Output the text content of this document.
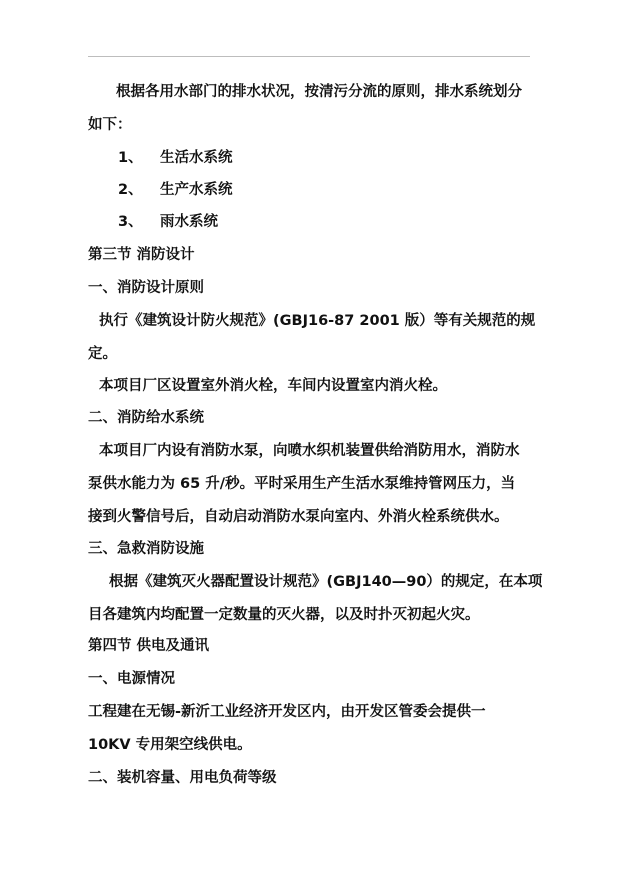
根据各用水部门的排水状况，按清污分流的原则，排水系统划分
如下：
1、 生活水系统
2、 生产水系统
3、 雨水系统
第三节 消防设计
一、消防设计原则
执行《建筑设计防火规范》(GBJ16-87 2001 版）等有关规范的规
定。
本项目厂区设置室外消火栓，车间内设置室内消火栓。
二、消防给水系统
本项目厂内设有消防水泵，向喷水织机装置供给消防用水，消防水
泵供水能力为 65 升/秒。平时采用生产生活水泵维持管网压力，当
接到火警信号后，自动启动消防水泵向室内、外消火栓系统供水。
三、急救消防设施
根据《建筑灭火器配置设计规范》(GBJ140—90）的规定，在本项
目各建筑内均配置一定数量的灭火器，以及时扑灭初起火灾。
第四节 供电及通讯
一、电源情况
工程建在无锡-新沂工业经济开发区内，由开发区管委会提供一
10KV 专用架空线供电。
二、装机容量、用电负荷等级
